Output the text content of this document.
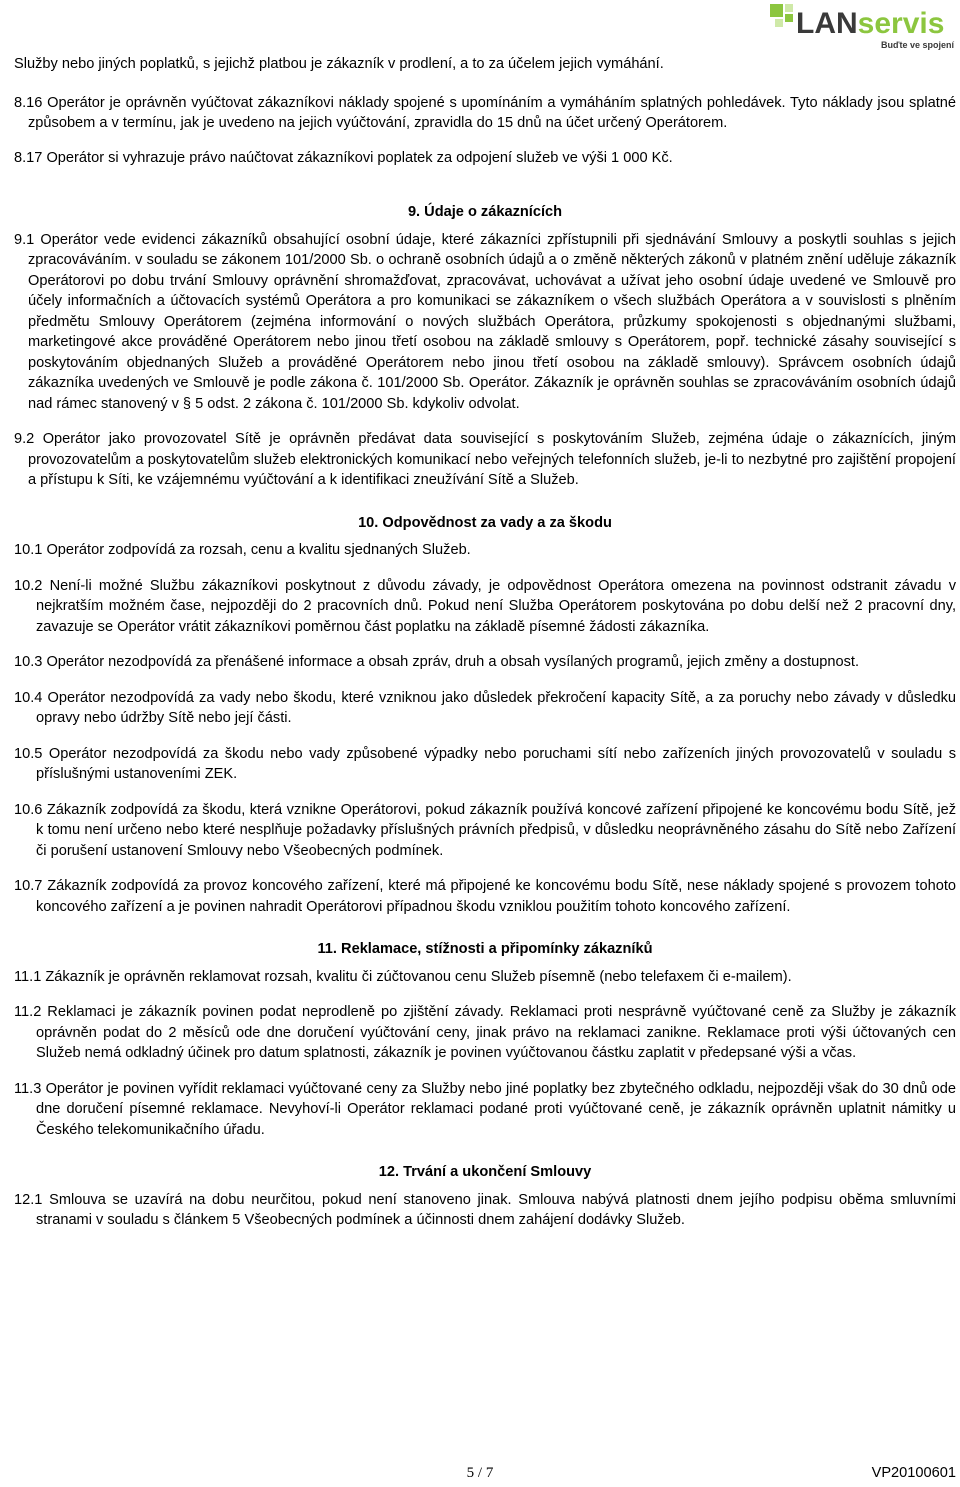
LANservis
Buďte ve spojení

Služby nebo jiných poplatků, s jejichž platbou je zákazník v prodlení, a to za účelem jejich vymáhání.

8.16 Operátor je oprávněn vyúčtovat zákazníkovi náklady spojené s upomínáním a vymáháním splatných pohledávek. Tyto náklady jsou splatné způsobem a v termínu, jak je uvedeno na jejich vyúčtování, zpravidla do 15 dnů na účet určený Operátorem.

8.17 Operátor si vyhrazuje právo naúčtovat zákazníkovi poplatek za odpojení služeb ve výši 1 000 Kč.

9. Údaje o zákaznících

9.1 Operátor vede evidenci zákazníků obsahující osobní údaje, které zákazníci zpřístupnili při sjednávání Smlouvy a poskytli souhlas s jejich zpracováváním. v souladu se zákonem 101/2000 Sb. o ochraně osobních údajů a o změně některých zákonů v platném znění uděluje zákazník Operátorovi po dobu trvání Smlouvy oprávnění shromažďovat, zpracovávat, uchovávat a užívat jeho osobní údaje uvedené ve Smlouvě pro účely informačních a účtovacích systémů Operátora a pro komunikaci se zákazníkem o všech službách Operátora a v souvislosti s plněním předmětu Smlouvy Operátorem (zejména informování o nových službách Operátora, průzkumy spokojenosti s objednanými službami, marketingové akce prováděné Operátorem nebo jinou třetí osobou na základě smlouvy s Operátorem, popř. technické zásahy související s poskytováním objednaných Služeb a prováděné Operátorem nebo jinou třetí osobou na základě smlouvy). Správcem osobních údajů zákazníka uvedených ve Smlouvě je podle zákona č. 101/2000 Sb. Operátor. Zákazník je oprávněn souhlas se zpracováváním osobních údajů nad rámec stanovený v § 5 odst. 2 zákona č. 101/2000 Sb. kdykoliv odvolat.

9.2 Operátor jako provozovatel Sítě je oprávněn předávat data související s poskytováním Služeb, zejména údaje o zákaznících, jiným provozovatelům a poskytovatelům služeb elektronických komunikací nebo veřejných telefonních služeb, je-li to nezbytné pro zajištění propojení a přístupu k Síti, ke vzájemnému vyúčtování a k identifikaci zneužívání Sítě a Služeb.

10. Odpovědnost za vady a za škodu

10.1 Operátor zodpovídá za rozsah, cenu a kvalitu sjednaných Služeb.

10.2 Není-li možné Službu zákazníkovi poskytnout z důvodu závady, je odpovědnost Operátora omezena na povinnost odstranit závadu v nejkratším možném čase, nejpozději do 2 pracovních dnů. Pokud není Služba Operátorem poskytována po dobu delší než 2 pracovní dny, zavazuje se Operátor vrátit zákazníkovi poměrnou část poplatku na základě písemné žádosti zákazníka.

10.3 Operátor nezodpovídá za přenášené informace a obsah zpráv, druh a obsah vysílaných programů, jejich změny a dostupnost.

10.4 Operátor nezodpovídá za vady nebo škodu, které vzniknou jako důsledek překročení kapacity Sítě, a za poruchy nebo závady v důsledku opravy nebo údržby Sítě nebo její části.

10.5 Operátor nezodpovídá za škodu nebo vady způsobené výpadky nebo poruchami sítí nebo zařízeních jiných provozovatelů v souladu s příslušnými ustanoveními ZEK.

10.6 Zákazník zodpovídá za škodu, která vznikne Operátorovi, pokud zákazník používá koncové zařízení připojené ke koncovému bodu Sítě, jež k tomu není určeno nebo které nesplňuje požadavky příslušných právních předpisů, v důsledku neoprávněného zásahu do Sítě nebo Zařízení či porušení ustanovení Smlouvy nebo Všeobecných podmínek.

10.7 Zákazník zodpovídá za provoz koncového zařízení, které má připojené ke koncovému bodu Sítě, nese náklady spojené s provozem tohoto koncového zařízení a je povinen nahradit Operátorovi případnou škodu vzniklou použitím tohoto koncového zařízení.

11. Reklamace, stížnosti a připomínky zákazníků

11.1 Zákazník je oprávněn reklamovat rozsah, kvalitu či zúčtovanou cenu Služeb písemně (nebo telefaxem či e-mailem).

11.2 Reklamaci je zákazník povinen podat neprodleně po zjištění závady. Reklamaci proti nesprávně vyúčtované ceně za Služby je zákazník oprávněn podat do 2 měsíců ode dne doručení vyúčtování ceny, jinak právo na reklamaci zanikne. Reklamace proti výši účtovaných cen Služeb nemá odkladný účinek pro datum splatnosti, zákazník je povinen vyúčtovanou částku zaplatit v předepsané výši a včas.

11.3 Operátor je povinen vyřídit reklamaci vyúčtované ceny za Služby nebo jiné poplatky bez zbytečného odkladu, nejpozději však do 30 dnů ode dne doručení písemné reklamace. Nevyhoví-li Operátor reklamaci podané proti vyúčtované ceně, je zákazník oprávněn uplatnit námitky u Českého telekomunikačního úřadu.

12. Trvání a ukončení Smlouvy

12.1 Smlouva se uzavírá na dobu neurčitou, pokud není stanoveno jinak. Smlouva nabývá platnosti dnem jejího podpisu oběma smluvními stranami v souladu s článkem 5 Všeobecných podmínek a účinnosti dnem zahájení dodávky Služeb.

5 / 7	VP20100601
